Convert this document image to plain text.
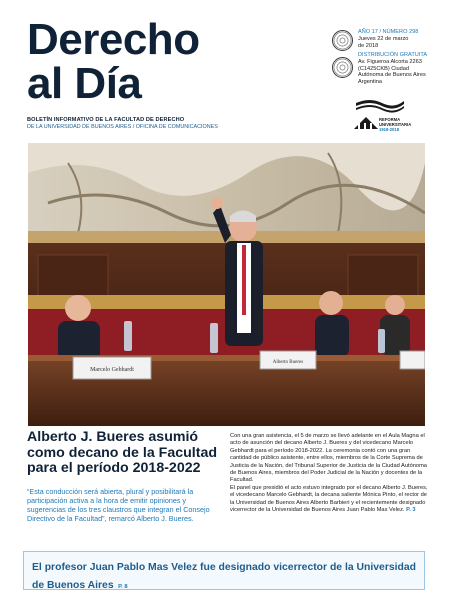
Derecho
al Día
BOLETÍN INFORMATIVO DE LA FACULTAD DE DERECHO
DE LA UNIVERSIDAD DE BUENOS AIRES / OFICINA DE COMUNICACIONES
AÑO 17 / NÚMERO 298
Jueves 22 de marzo
de 2018
DISTRIBUCIÓN GRATUITA
Av. Figueroa Alcorta 2263
(C1425CKB) Ciudad
Autónoma de Buenos Aires
Argentina
REFORMA
UNIVERSITARIA
1918-2018
Marcelo Gebhardt
Alberto Bueres
Alberto J. Bueres asumió como decano de la Facultad para el período 2018-2022
“Esta conducción será abierta, plural y posibilitará la participación activa a la hora de emitir opiniones y sugerencias de los tres claustros que integran el Consejo Directivo de la Facultad”, remarcó Alberto J. Bueres.
Con una gran asistencia, el 5 de marzo se llevó adelante en el Aula Magna el acto de asunción del decano Alberto J. Bueres y del vicedecano Marcelo Gebhardt para el período 2018-2022. La ceremonia contó con una gran cantidad de público asistente, entre ellos, miembros de la Corte Suprema de Justicia de la Nación, del Tribunal Superior de Justicia de la Ciudad Autónoma de Buenos Aires, miembros del Poder Judicial de la Nación y docentes de la Facultad.
El panel que presidió el acto estuvo integrado por el decano Alberto J. Bueres, el vicedecano Marcelo Gebhardt, la decana saliente Mónica Pinto, el rector de la Universidad de Buenos Aires Alberto Barbieri y el recientemente designado vicerrector de la Universidad de Buenos Aires Juan Pablo Mas Velez. P. 3
El profesor Juan Pablo Mas Velez fue designado vicerrector de la Universidad de Buenos Aires P. 8
